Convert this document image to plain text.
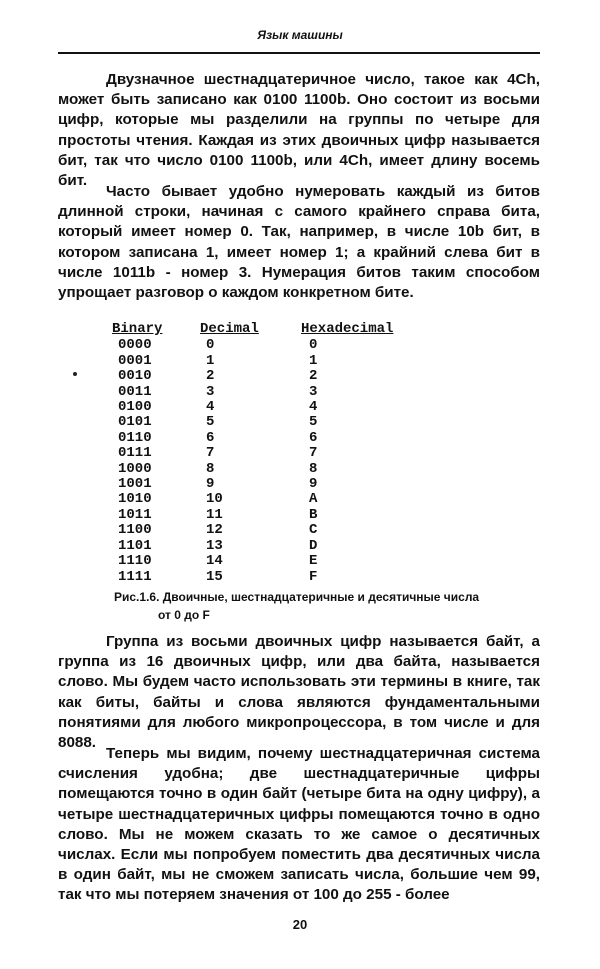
Язык машины

Двузначное шестнадцатеричное число, такое как 4Ch, может быть записано как 0100 1100b. Оно состоит из восьми цифр, которые мы разделили на группы по четыре для простоты чтения. Каждая из этих двоичных цифр называется бит, так что число 0100 1100b, или 4Ch, имеет длину восемь бит.

Часто бывает удобно нумеровать каждый из битов длинной строки, начиная с самого крайнего справа бита, который имеет номер 0. Так, например, в числе 10b бит, в котором записана 1, имеет номер 1; а крайний слева бит в числе 1011b - номер 3. Нумерация битов таким способом упрощает разговор о каждом конкретном бите.

Binary	Decimal	Hexadecimal
0000	0	0
0001	1	1
0010	2	2
0011	3	3
0100	4	4
0101	5	5
0110	6	6
0111	7	7
1000	8	8
1001	9	9
1010	10	A
1011	11	B
1100	12	C
1101	13	D
1110	14	E
1111	15	F
Рис.1.6. Двоичные, шестнадцатеричные и десятичные числа
от 0 до F

Группа из восьми двоичных цифр называется байт, а группа из 16 двоичных цифр, или два байта, называется слово. Мы будем часто использовать эти термины в книге, так как биты, байты и слова являются фундаментальными понятиями для любого микропроцессора, в том числе и для 8088.

Теперь мы видим, почему шестнадцатеричная система счисления удобна; две шестнадцатеричные цифры помещаются точно в один байт (четыре бита на одну цифру), а четыре шестнадцатеричных цифры помещаются точно в одно слово. Мы не можем сказать то же самое о десятичных числах. Если мы попробуем поместить два десятичных числа в один байт, мы не сможем записать числа, большие чем 99, так что мы потеряем значения от 100 до 255 - более

20
